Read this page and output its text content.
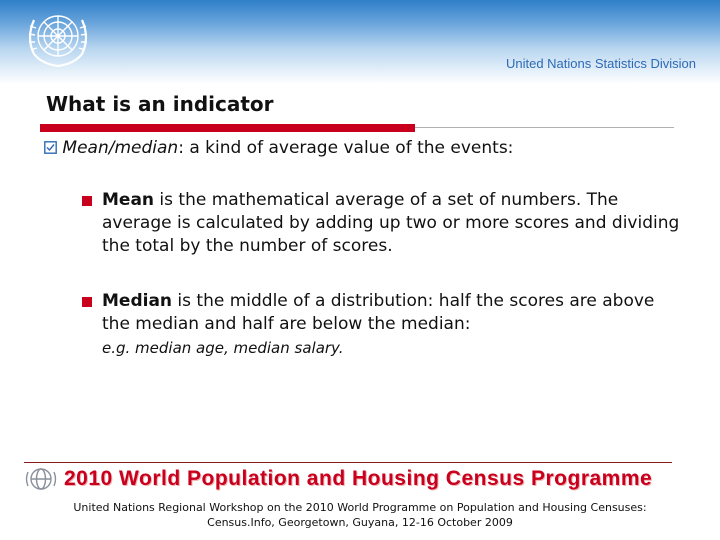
United Nations Statistics Division
What is an indicator
Mean/median: a kind of average value of the events:
Mean is the mathematical average of a set of numbers. The average is calculated by adding up two or more scores and dividing the total by the number of scores.
Median is the middle of a distribution: half the scores are above the median and half are below the median:
e.g. median age, median salary.
2010 World Population and Housing Census Programme
United Nations Regional Workshop on the 2010 World Programme on Population and Housing Censuses:
Census.Info, Georgetown, Guyana, 12-16 October 2009
